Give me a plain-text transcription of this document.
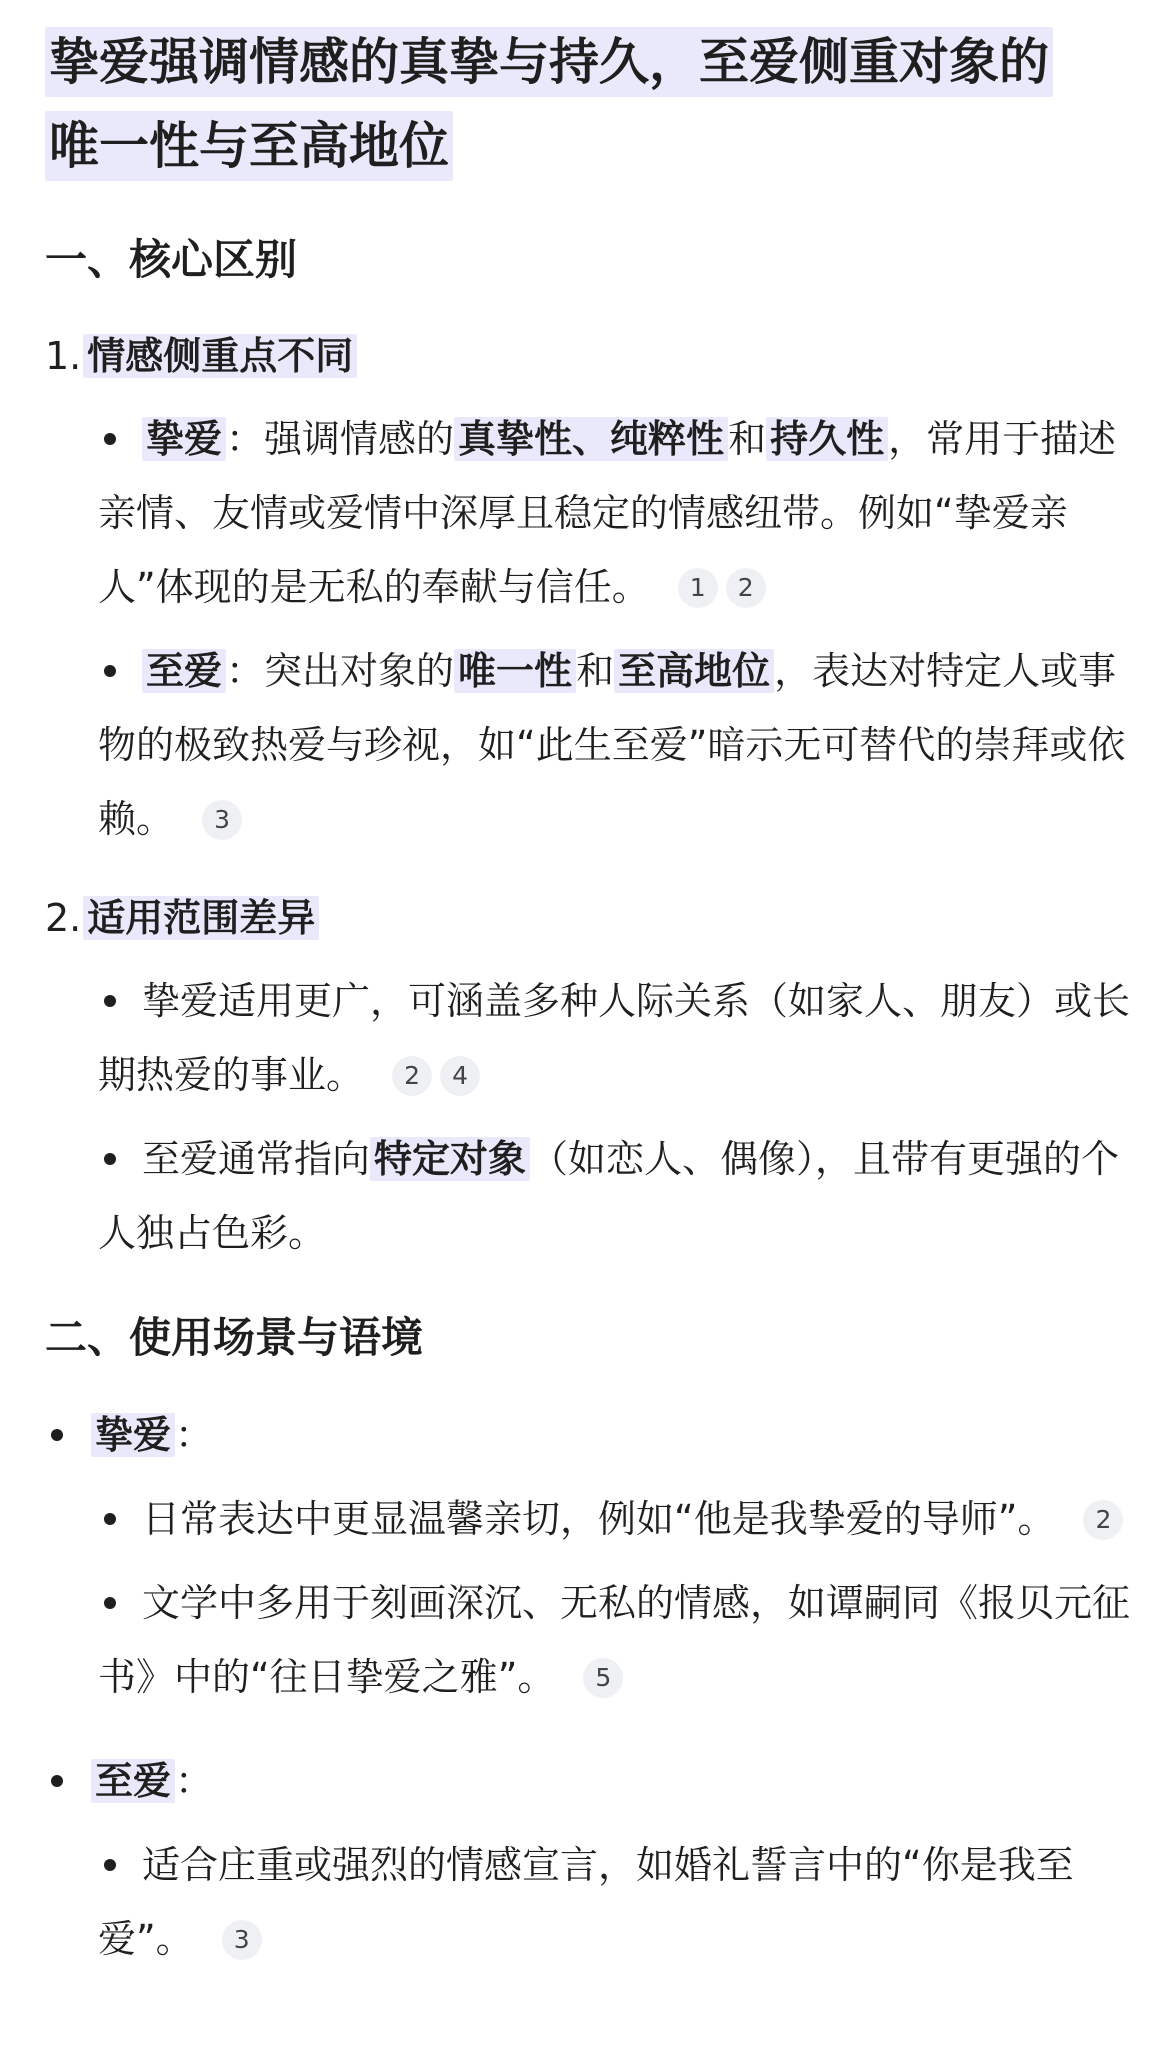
挚爱强调情感的真挚与持久，至爱侧重对象的
唯一性与至高地位
一、核心区别

1. 情感侧重点不同

挚爱 ：强调情感的 真挚性、纯粹性 和 持久性 ，常用于描述亲情、友情或爱情中深厚且稳定的情感纽带。例如“挚爱亲人”体现的是无私的奉献与信任。 1 2

至爱 ：突出对象的 唯一性 和 至高地位 ，表达对特定人或事物的极致热爱与珍视，如“此生至爱”暗示无可替代的崇拜或依赖。 3

2. 适用范围差异

挚爱适用更广，可涵盖多种人际关系（如家人、朋友）或长期热爱的事业。 2 4

至爱通常指向 特定对象 （如恋人、偶像），且带有更强的个人独占色彩。

二、使用场景与语境

挚爱 ：

日常表达中更显温馨亲切，例如“他是我挚爱的导师”。 2

文学中多用于刻画深沉、无私的情感，如谭嗣同《报贝元征书》中的“往日挚爱之雅”。 5

至爱 ：

适合庄重或强烈的情感宣言，如婚礼誓言中的“你是我至爱”。 3
